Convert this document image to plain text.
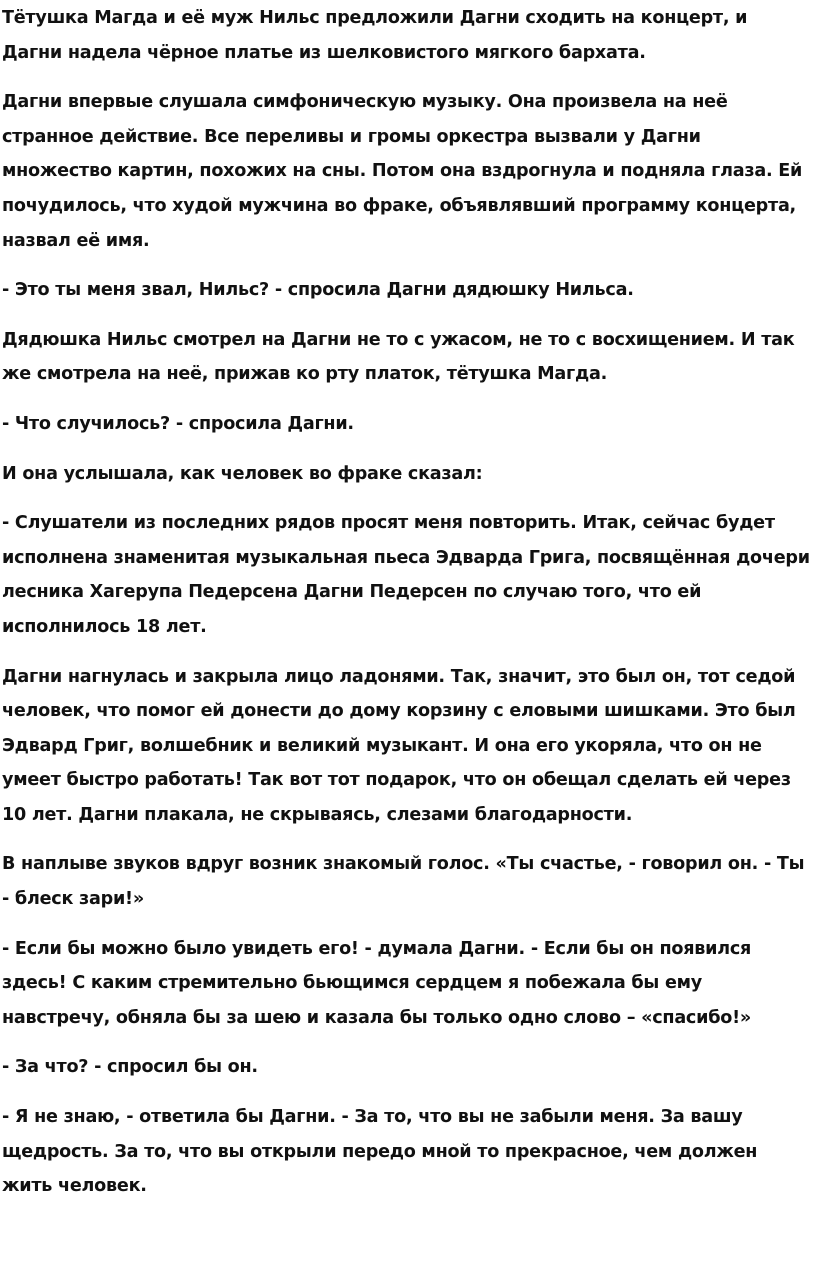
Тётушка Магда и её муж Нильс предложили Дагни сходить на концерт, и Дагни надела чёрное платье из шелковистого мягкого бархата.

Дагни впервые слушала симфоническую музыку. Она произвела на неё странное действие. Все переливы и громы оркестра вызвали у Дагни множество картин, похожих на сны. Потом она вздрогнула и подняла глаза. Ей почудилось, что худой мужчина во фраке, объявлявший программу концерта, назвал её имя.

- Это ты меня звал, Нильс? - спросила Дагни дядюшку Нильса.

Дядюшка Нильс смотрел на Дагни не то с ужасом, не то с восхищением. И так же смотрела на неё, прижав ко рту платок, тётушка Магда.

- Что случилось? - спросила Дагни.

И она услышала, как человек во фраке сказал:

- Слушатели из последних рядов просят меня повторить. Итак, сейчас будет исполнена знаменитая музыкальная пьеса Эдварда Грига, посвящённая дочери лесника Хагерупа Педерсена Дагни Педерсен по случаю того, что ей исполнилось 18 лет.

Дагни нагнулась и закрыла лицо ладонями. Так, значит, это был он, тот седой человек, что помог ей донести до дому корзину с еловыми шишками. Это был Эдвард Григ, волшебник и великий музыкант. И она его укоряла, что он не умеет быстро работать! Так вот тот подарок, что он обещал сделать ей через 10 лет. Дагни плакала, не скрываясь, слезами благодарности.

В наплыве звуков вдруг возник знакомый голос. «Ты счастье, - говорил он. - Ты - блеск зари!»

- Если бы можно было увидеть его! - думала Дагни. - Если бы он появился здесь! С каким стремительно бьющимся сердцем я побежала бы ему навстречу, обняла бы за шею и казала бы только одно слово – «спасибо!»

- За что? - спросил бы он.

- Я не знаю, - ответила бы Дагни. - За то, что вы не забыли меня. За вашу щедрость. За то, что вы открыли передо мной то прекрасное, чем должен жить человек.
